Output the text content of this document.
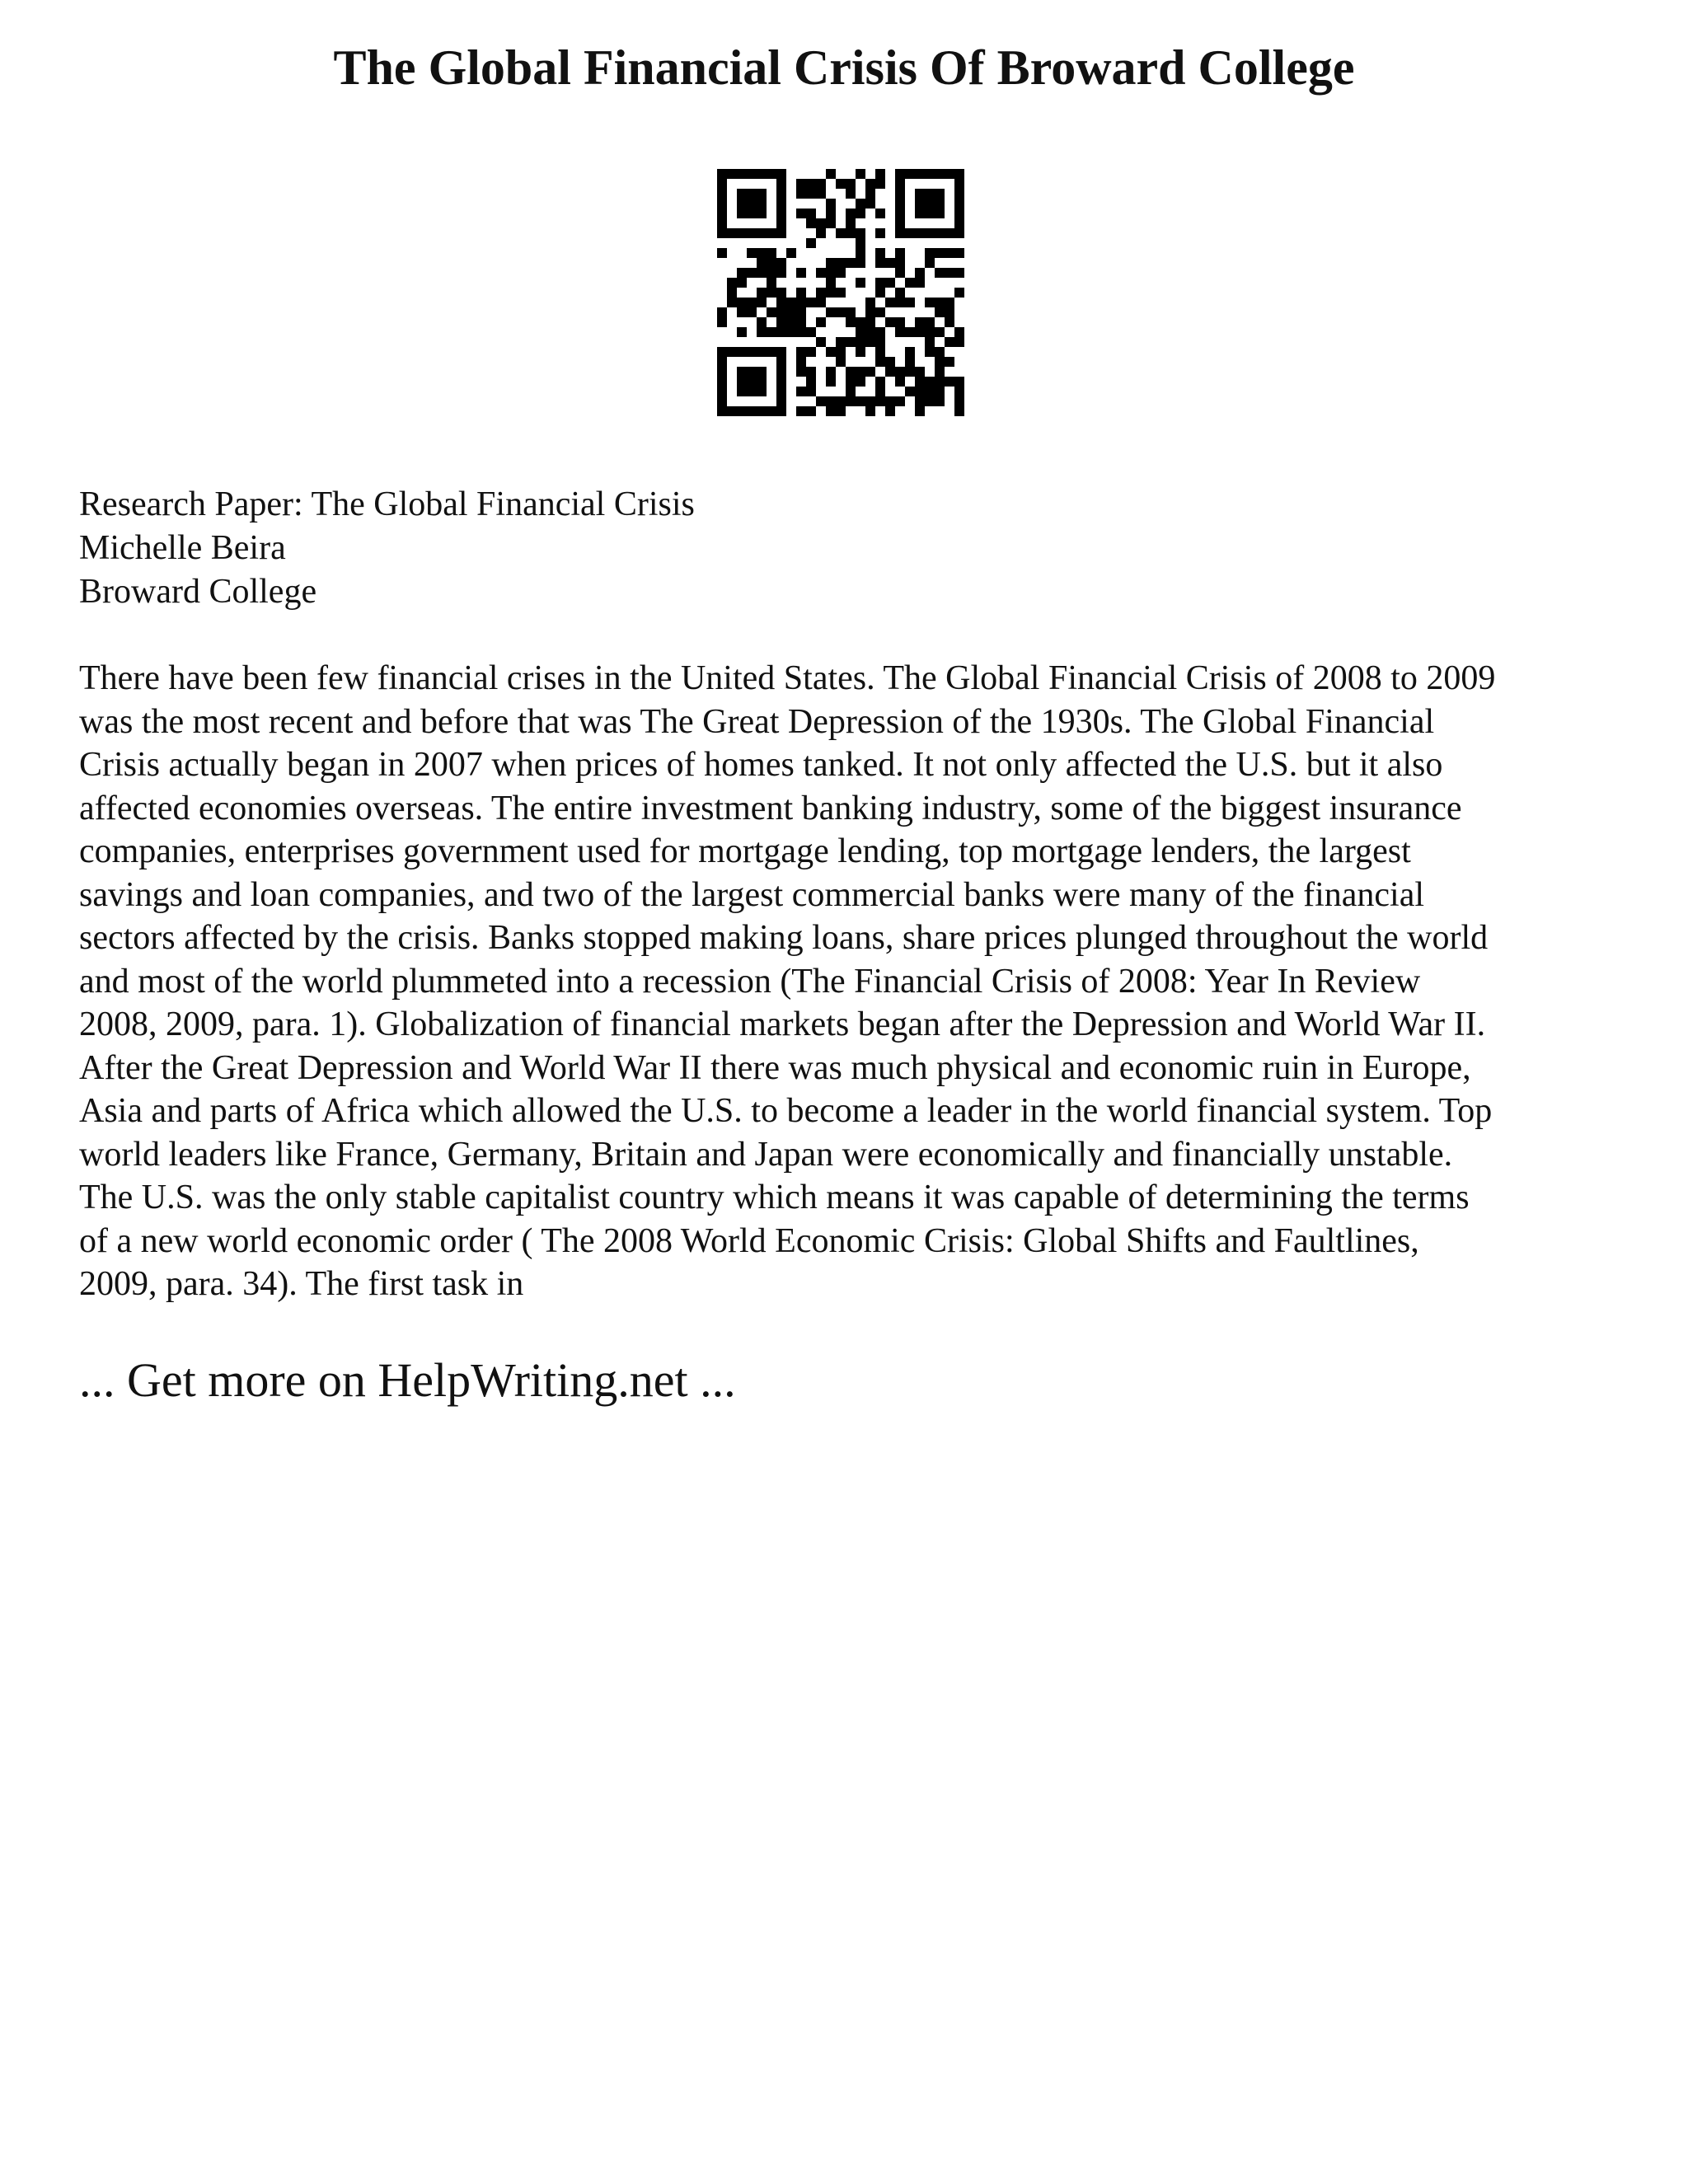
The Global Financial Crisis Of Broward College
Research Paper: The Global Financial Crisis
Michelle Beira
Broward College
There have been few financial crises in the United States. The Global Financial Crisis of 2008 to 2009
was the most recent and before that was The Great Depression of the 1930s. The Global Financial
Crisis actually began in 2007 when prices of homes tanked. It not only affected the U.S. but it also
affected economies overseas. The entire investment banking industry, some of the biggest insurance
companies, enterprises government used for mortgage lending, top mortgage lenders, the largest
savings and loan companies, and two of the largest commercial banks were many of the financial
sectors affected by the crisis. Banks stopped making loans, share prices plunged throughout the world
and most of the world plummeted into a recession (The Financial Crisis of 2008: Year In Review
2008, 2009, para. 1). Globalization of financial markets began after the Depression and World War II.
After the Great Depression and World War II there was much physical and economic ruin in Europe,
Asia and parts of Africa which allowed the U.S. to become a leader in the world financial system. Top
world leaders like France, Germany, Britain and Japan were economically and financially unstable.
The U.S. was the only stable capitalist country which means it was capable of determining the terms
of a new world economic order ( The 2008 World Economic Crisis: Global Shifts and Faultlines,
2009, para. 34). The first task in
... Get more on HelpWriting.net ...
